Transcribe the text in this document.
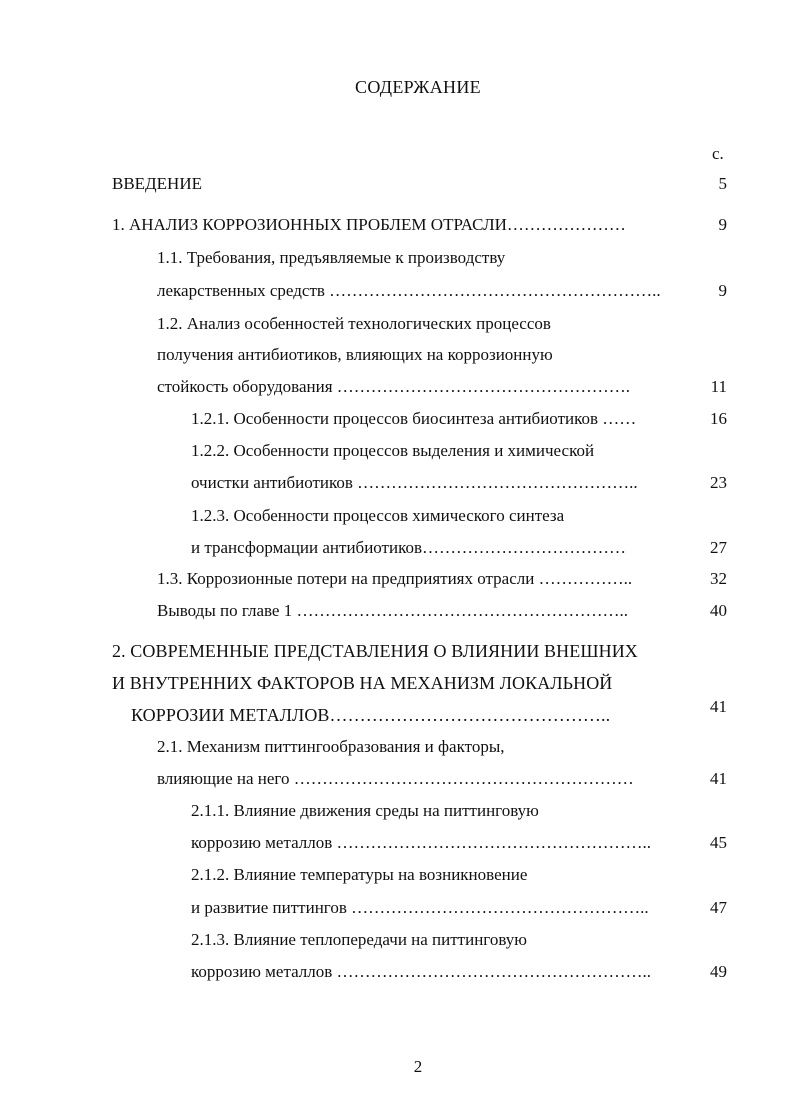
СОДЕРЖАНИЕ
с.
ВВЕДЕНИЕ	5
1. АНАЛИЗ КОРРОЗИОННЫХ ПРОБЛЕМ ОТРАСЛИ…………………	9
1.1. Требования, предъявляемые к производству
лекарственных средств …………………………………………………..	9
1.2. Анализ особенностей технологических процессов
получения антибиотиков, влияющих на коррозионную
стойкость оборудования …………………………………………….	11
1.2.1. Особенности процессов биосинтеза антибиотиков ……	16
1.2.2. Особенности процессов выделения и химической
очистки антибиотиков …………………………………………..	23
1.2.3. Особенности процессов химического синтеза
и трансформации антибиотиков………………………………	27
1.3. Коррозионные потери на предприятиях отрасли ……………..	32
Выводы по главе 1 …………………………………………………..	40
2. СОВРЕМЕННЫЕ ПРЕДСТАВЛЕНИЯ О ВЛИЯНИИ ВНЕШНИХ
И ВНУТРЕННИХ ФАКТОРОВ НА МЕХАНИЗМ ЛОКАЛЬНОЙ
КОРРОЗИИ МЕТАЛЛОВ………………………………………..	41
2.1. Механизм питтингообразования и факторы,
влияющие на него ……………………………………………………	41
2.1.1. Влияние движения среды на питтинговую
коррозию металлов ………………………………………………..	45
2.1.2. Влияние температуры на возникновение
и развитие питтингов ……………………………………………..	47
2.1.3. Влияние теплопередачи на питтинговую
коррозию металлов ………………………………………………..	49
2
